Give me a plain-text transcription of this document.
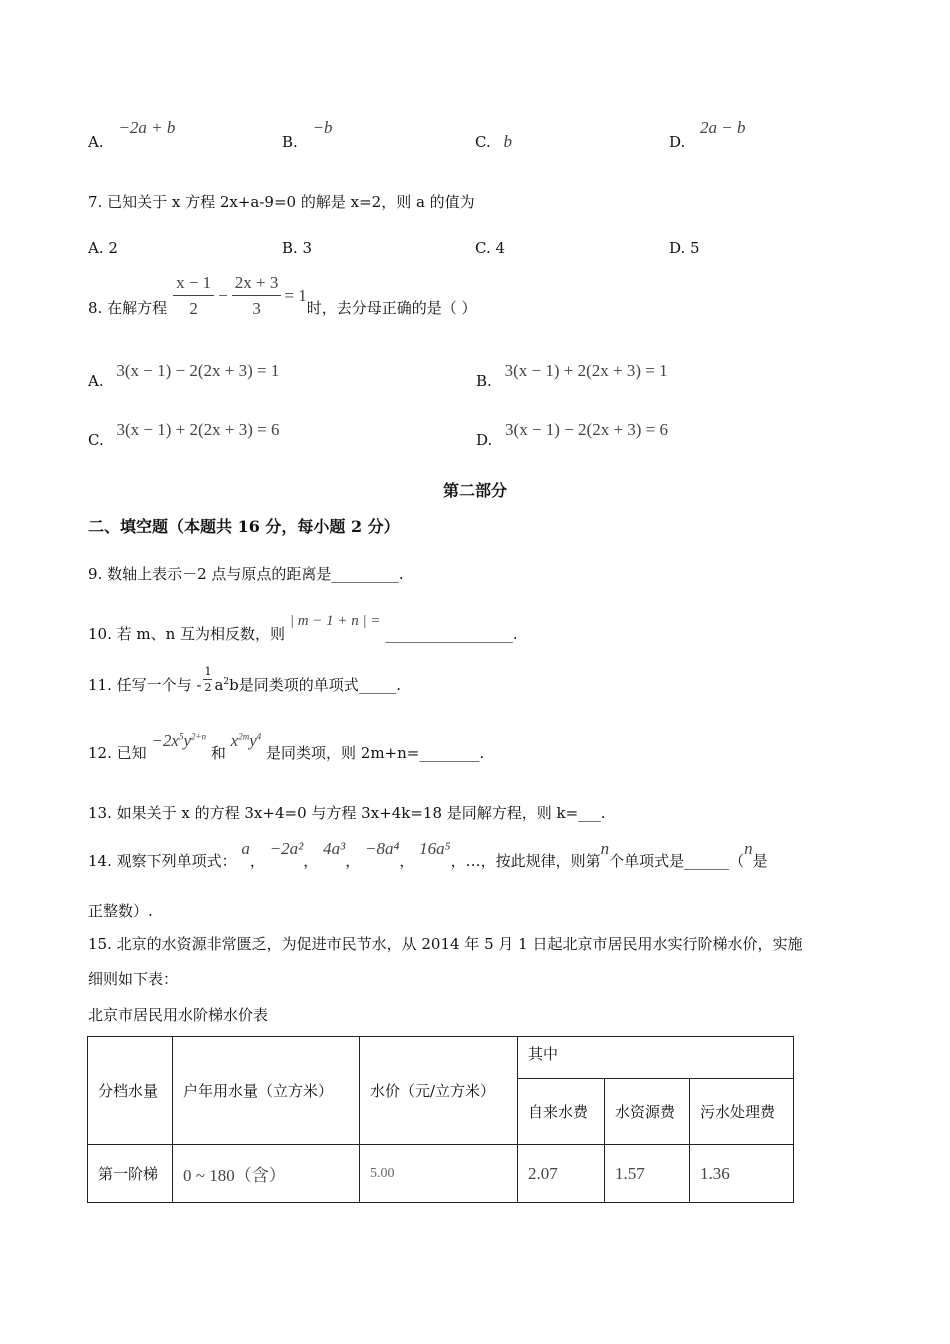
A. −2a + b
B. −b
C. b	D. 2a − b
7. 已知关于 x 方程 2x+a-9=0 的解是 x=2，则 a 的值为
A. 2	B. 3	C. 4	D. 5
8. 在解方程 $\frac{x - 1}{2} - \frac{2x + 3}{3} = 1$
时，去分母正确的是（ ）
A. 3(x − 1) − 2(2x + 3) = 1
B. 3(x − 1) + 2(2x + 3) = 1
C. 3(x − 1) + 2(2x + 3) = 6
D. 3(x − 1) − 2(2x + 3) = 6
第二部分
二、填空题（本题共 16 分，每小题 2 分）
9. 数轴上表示－2 点与原点的距离是_________.
10. 若 m、n 互为相反数，则 | m − 1 + n | = _________________.
11. 任写一个与 - $\frac{1}{2} a^2b$ 是同类项的单项式_____.
12. 已知 $-2x^5y^{2+n}$ 和 $x^{2m}y^4$ 是同类项，则 2m+n=________.
13. 如果关于 x 的方程 3x+4=0 与方程 3x+4k=18 是同解方程，则 k=___.
14. 观察下列单项式： a， −2a²， 4a³， −8a⁴， 16a⁵，…，按此规律，则第n个单项式是______（n是
正整数）.
15. 北京的水资源非常匮乏，为促进市民节水，从 2014 年 5 月 1 日起北京市居民用水实行阶梯水价，实施
细则如下表：
北京市居民用水阶梯水价表
分档水量	户年用水量（立方米）	水价（元/立方米）	其中		
			自来水费	水资源费	污水处理费
第一阶梯	0 ~ 180（含）	5.00	2.07	1.57	1.36
